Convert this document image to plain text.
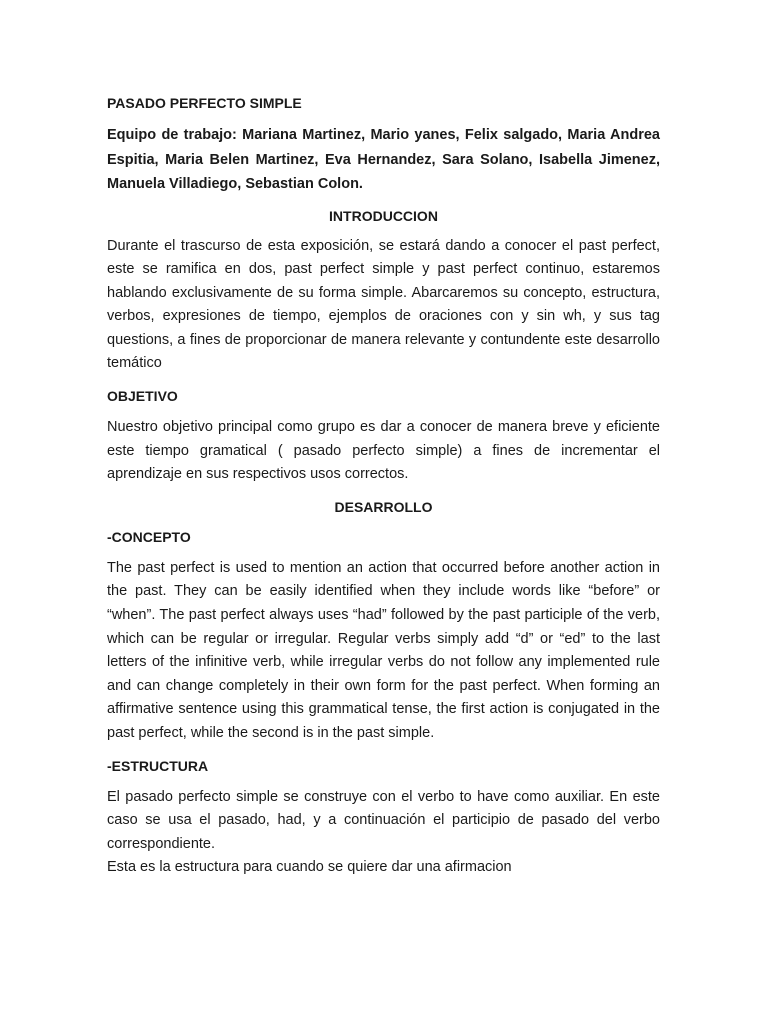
PASADO PERFECTO SIMPLE
Equipo de trabajo: Mariana Martinez, Mario yanes, Felix salgado, Maria Andrea Espitia, Maria Belen Martinez, Eva Hernandez, Sara Solano, Isabella Jimenez, Manuela Villadiego, Sebastian Colon.
INTRODUCCION
Durante el trascurso de esta exposición, se estará dando a conocer el past perfect, este se ramifica en dos, past perfect simple y past perfect continuo, estaremos hablando exclusivamente de su forma simple. Abarcaremos su concepto, estructura, verbos, expresiones de tiempo, ejemplos de oraciones con y sin wh, y sus tag questions, a fines de proporcionar de manera relevante y contundente este desarrollo temático
OBJETIVO
Nuestro objetivo principal como grupo es dar a conocer de manera breve y eficiente este tiempo gramatical ( pasado perfecto simple) a fines de incrementar el aprendizaje en sus respectivos usos correctos.
DESARROLLO
-CONCEPTO
The past perfect is used to mention an action that occurred before another action in the past. They can be easily identified when they include words like “before” or “when”. The past perfect always uses “had” followed by the past participle of the verb, which can be regular or irregular. Regular verbs simply add “d” or “ed” to the last letters of the infinitive verb, while irregular verbs do not follow any implemented rule and can change completely in their own form for the past perfect. When forming an affirmative sentence using this grammatical tense, the first action is conjugated in the past perfect, while the second is in the past simple.
-ESTRUCTURA
El pasado perfecto simple se construye con el verbo to have como auxiliar. En este caso se usa el pasado, had, y a continuación el participio de pasado del verbo correspondiente.
Esta es la estructura para cuando se quiere dar una afirmacion
